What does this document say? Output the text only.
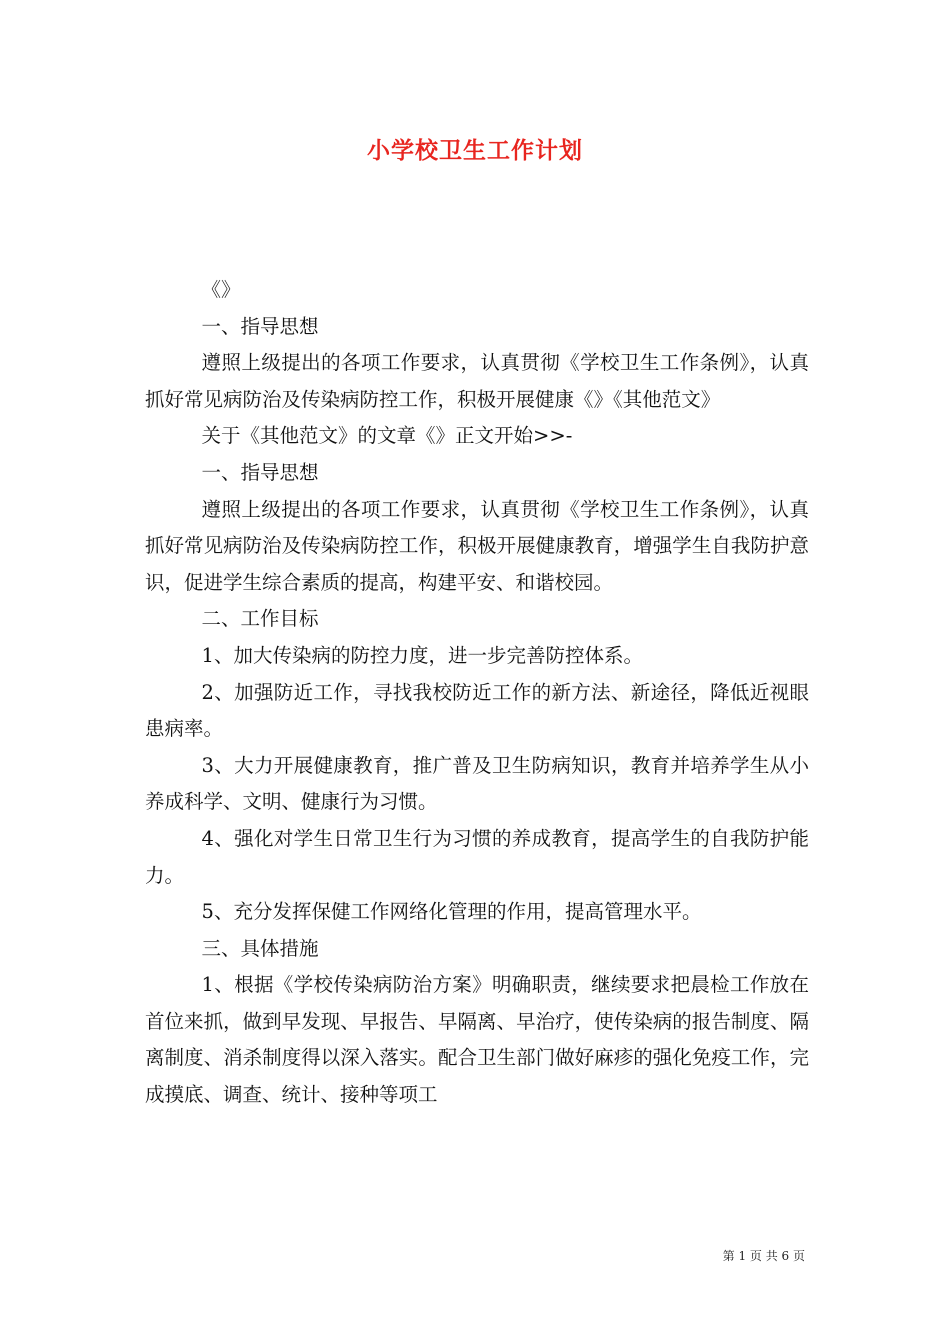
小学校卫生工作计划

《》

一、指导思想

遵照上级提出的各项工作要求，认真贯彻《学校卫生工作条例》，认真抓好常见病防治及传染病防控工作，积极开展健康《》《其他范文》

关于《其他范文》的文章《》正文开始>>-

一、指导思想

遵照上级提出的各项工作要求，认真贯彻《学校卫生工作条例》，认真抓好常见病防治及传染病防控工作，积极开展健康教育，增强学生自我防护意识，促进学生综合素质的提高，构建平安、和谐校园。

二、工作目标

1、加大传染病的防控力度，进一步完善防控体系。

2、加强防近工作，寻找我校防近工作的新方法、新途径，降低近视眼患病率。

3、大力开展健康教育，推广普及卫生防病知识，教育并培养学生从小养成科学、文明、健康行为习惯。

4、强化对学生日常卫生行为习惯的养成教育，提高学生的自我防护能力。

5、充分发挥保健工作网络化管理的作用，提高管理水平。

三、具体措施

1、根据《学校传染病防治方案》明确职责，继续要求把晨检工作放在首位来抓，做到早发现、早报告、早隔离、早治疗，使传染病的报告制度、隔离制度、消杀制度得以深入落实。配合卫生部门做好麻疹的强化免疫工作，完成摸底、调查、统计、接种等项工

第 1 页 共 6 页
